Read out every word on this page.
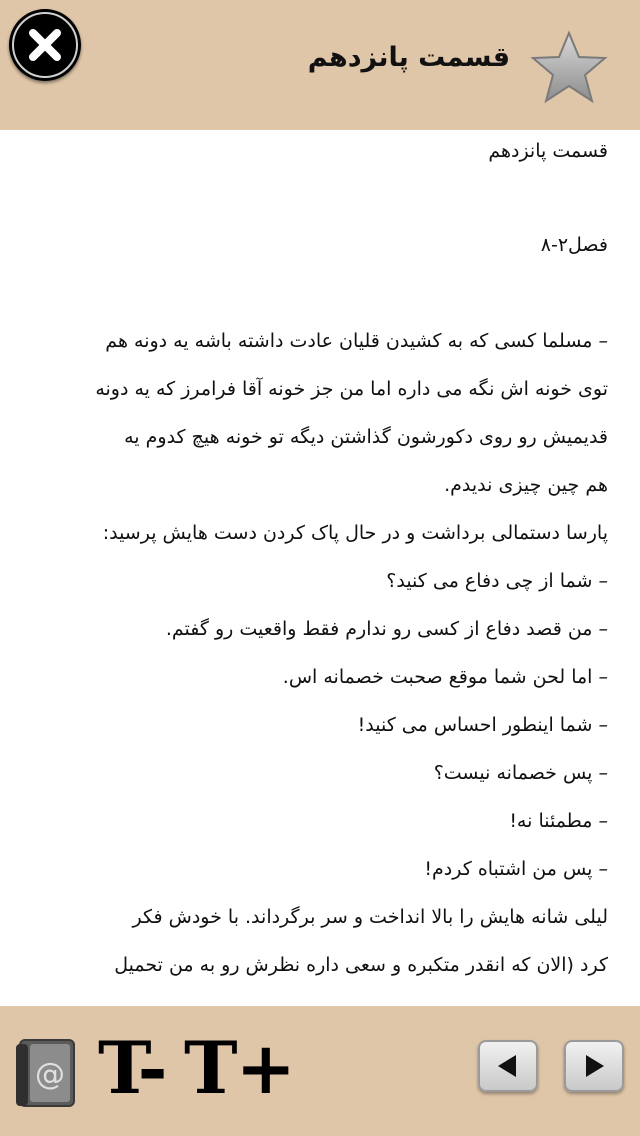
قسمت پانزدهم
قسمت پانزدهم
فصل۲-۸
– مسلما کسی که به کشیدن قلیان عادت داشته باشه یه دونه هم
توی خونه اش نگه می داره اما من جز خونه آقا فرامرز که یه دونه
قدیمیش رو روی دکورشون گذاشتن دیگه تو خونه هیچ کدوم یه
هم چین چیزی ندیدم.
پارسا دستمالی برداشت و در حال پاک کردن دست هایش پرسید:
– شما از چی دفاع می کنید؟
– من قصد دفاع از کسی رو ندارم فقط واقعیت رو گفتم.
– اما لحن شما موقع صحبت خصمانه اس.
– شما اینطور احساس می کنید!
– پس خصمانه نیست؟
– مطمئنا نه!
– پس من اشتباه کردم!
لیلی شانه هایش را بالا انداخت و سر برگرداند. با خودش فکر
کرد (الان که انقدر متکبره و سعی داره نظرش رو به من تحمیل
@ T- T+
